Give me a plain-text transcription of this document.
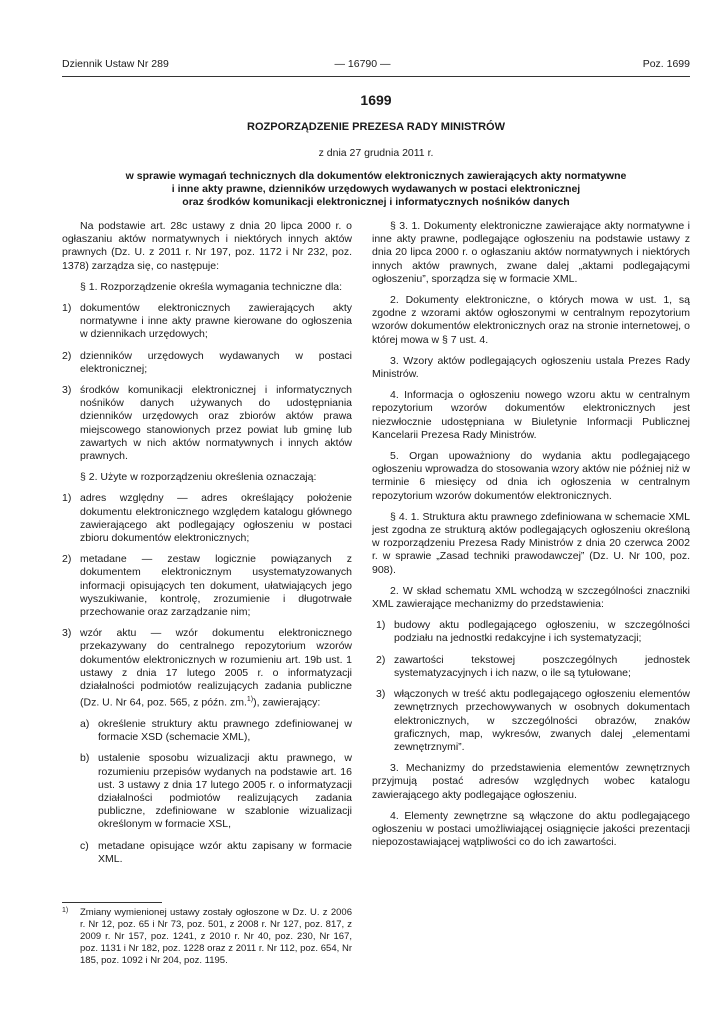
Dziennik Ustaw Nr 289	— 16790 —	Poz. 1699
1699
ROZPORZĄDZENIE PREZESA RADY MINISTRÓW
z dnia 27 grudnia 2011 r.
w sprawie wymagań technicznych dla dokumentów elektronicznych zawierających akty normatywne
i inne akty prawne, dzienników urzędowych wydawanych w postaci elektronicznej
oraz środków komunikacji elektronicznej i informatycznych nośników danych

Na podstawie art. 28c ustawy z dnia 20 lipca 2000 r. o ogłaszaniu aktów normatywnych i niektórych innych aktów prawnych (Dz. U. z 2011 r. Nr 197, poz. 1172 i Nr 232, poz. 1378) zarządza się, co następuje:

§ 1. Rozporządzenie określa wymagania techniczne dla:

1) dokumentów elektronicznych zawierających akty normatywne i inne akty prawne kierowane do ogłoszenia w dziennikach urzędowych;
2) dzienników urzędowych wydawanych w postaci elektronicznej;
3) środków komunikacji elektronicznej i informatycznych nośników danych używanych do udostępniania dzienników urzędowych oraz zbiorów aktów prawa miejscowego stanowionych przez powiat lub gminę lub zawartych w nich aktów normatywnych i innych aktów prawnych.

§ 2. Użyte w rozporządzeniu określenia oznaczają:

1) adres względny — adres określający położenie dokumentu elektronicznego względem katalogu głównego zawierającego akt podlegający ogłoszeniu w postaci zbioru dokumentów elektronicznych;
2) metadane — zestaw logicznie powiązanych z dokumentem elektronicznym usystematyzowanych informacji opisujących ten dokument, ułatwiających jego wyszukiwanie, kontrolę, zrozumienie i długotrwałe przechowanie oraz zarządzanie nim;
3) wzór aktu — wzór dokumentu elektronicznego przekazywany do centralnego repozytorium wzorów dokumentów elektronicznych w rozumieniu art. 19b ust. 1 ustawy z dnia 17 lutego 2005 r. o informatyzacji działalności podmiotów realizujących zadania publiczne (Dz. U. Nr 64, poz. 565, z późn. zm.$^{1)}$), zawierający:
a) określenie struktury aktu prawnego zdefiniowanej w formacie XSD (schemacie XML),
b) ustalenie sposobu wizualizacji aktu prawnego, w rozumieniu przepisów wydanych na podstawie art. 16 ust. 3 ustawy z dnia 17 lutego 2005 r. o informatyzacji działalności podmiotów realizujących zadania publiczne, zdefiniowane w szablonie wizualizacji określonym w formacie XSL,
c) metadane opisujące wzór aktu zapisany w formacie XML.
1)	Zmiany wymienionej ustawy zostały ogłoszone w Dz. U. z 2006 r. Nr 12, poz. 65 i Nr 73, poz. 501, z 2008 r. Nr 127, poz. 817, z 2009 r. Nr 157, poz. 1241, z 2010 r. Nr 40, poz. 230, Nr 167, poz. 1131 i Nr 182, poz. 1228 oraz z 2011 r. Nr 112, poz. 654, Nr 185, poz. 1092 i Nr 204, poz. 1195.

§ 3. 1. Dokumenty elektroniczne zawierające akty normatywne i inne akty prawne, podlegające ogłoszeniu na podstawie ustawy z dnia 20 lipca 2000 r. o ogłaszaniu aktów normatywnych i niektórych innych aktów prawnych, zwane dalej „aktami podlegającymi ogłoszeniu”, sporządza się w formacie XML.

2. Dokumenty elektroniczne, o których mowa w ust. 1, są zgodne z wzorami aktów ogłoszonymi w centralnym repozytorium wzorów dokumentów elektronicznych oraz na stronie internetowej, o której mowa w § 7 ust. 4.

3. Wzory aktów podlegających ogłoszeniu ustala Prezes Rady Ministrów.

4. Informacja o ogłoszeniu nowego wzoru aktu w centralnym repozytorium wzorów dokumentów elektronicznych jest niezwłocznie udostępniana w Biuletynie Informacji Publicznej Kancelarii Prezesa Rady Ministrów.

5. Organ upoważniony do wydania aktu podlegającego ogłoszeniu wprowadza do stosowania wzory aktów nie później niż w terminie 6 miesięcy od dnia ich ogłoszenia w centralnym repozytorium wzorów dokumentów elektronicznych.

§ 4. 1. Struktura aktu prawnego zdefiniowana w schemacie XML jest zgodna ze strukturą aktów podlegających ogłoszeniu określoną w rozporządzeniu Prezesa Rady Ministrów z dnia 20 czerwca 2002 r. w sprawie „Zasad techniki prawodawczej” (Dz. U. Nr 100, poz. 908).

2. W skład schematu XML wchodzą w szczególności znaczniki XML zawierające mechanizmy do przedstawienia:

1) budowy aktu podlegającego ogłoszeniu, w szczególności podziału na jednostki redakcyjne i ich systematyzacji;
2) zawartości tekstowej poszczególnych jednostek systematyzacyjnych i ich nazw, o ile są tytułowane;
3) włączonych w treść aktu podlegającego ogłoszeniu elementów zewnętrznych przechowywanych w osobnych dokumentach elektronicznych, w szczególności obrazów, znaków graficznych, map, wykresów, zwanych dalej „elementami zewnętrznymi”.

3. Mechanizmy do przedstawienia elementów zewnętrznych przyjmują postać adresów względnych wobec katalogu zawierającego akty podlegające ogłoszeniu.

4. Elementy zewnętrzne są włączone do aktu podlegającego ogłoszeniu w postaci umożliwiającej osiągnięcie jakości prezentacji niepozostawiającej wątpliwości co do ich zawartości.
